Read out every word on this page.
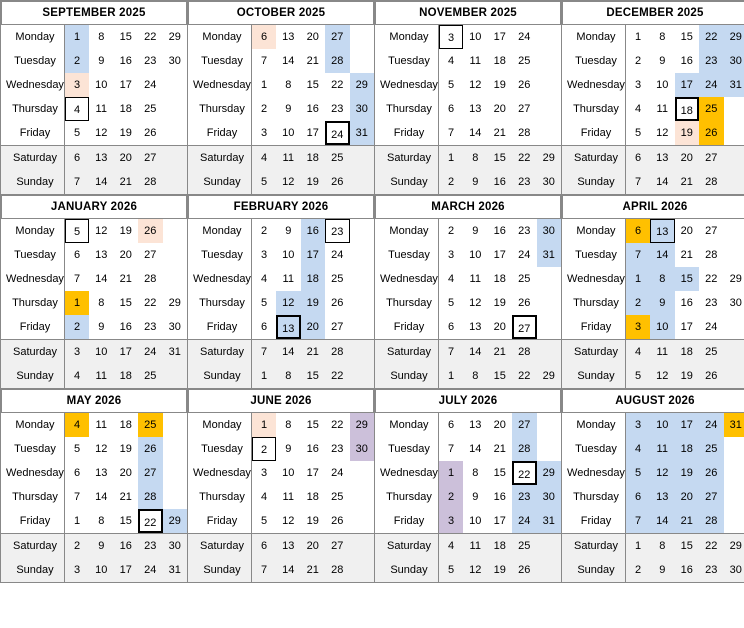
SEPTEMBER 2025
Monday	1	8	15	22	29

Tuesday	2	9	16	23	30

Wednesday	3	10	17	24

Thursday	4	11	18	25

Friday	5	12	19	26

Saturday	6	13	20	27

Sunday	7	14	21	28

OCTOBER 2025
Monday	6	13	20	27

Tuesday	7	14	21	28

Wednesday	1	8	15	22	29

Thursday	2	9	16	23	30

Friday	3	10	17	24	31

Saturday	4	11	18	25

Sunday	5	12	19	26

NOVEMBER 2025
Monday	3	10	17	24

Tuesday	4	11	18	25

Wednesday	5	12	19	26

Thursday	6	13	20	27

Friday	7	14	21	28

Saturday	1	8	15	22	29

Sunday	2	9	16	23	30

DECEMBER 2025
Monday	1	8	15	22	29

Tuesday	2	9	16	23	30

Wednesday	3	10	17	24	31

Thursday	4	11	18	25

Friday	5	12	19	26

Saturday	6	13	20	27

Sunday	7	14	21	28

JANUARY 2026
Monday	5	12	19	26

Tuesday	6	13	20	27

Wednesday	7	14	21	28

Thursday	1	8	15	22	29

Friday	2	9	16	23	30

Saturday	3	10	17	24	31

Sunday	4	11	18	25

FEBRUARY 2026
Monday	2	9	16	23

Tuesday	3	10	17	24

Wednesday	4	11	18	25

Thursday	5	12	19	26

Friday	6	13	20	27

Saturday	7	14	21	28

Sunday	1	8	15	22

MARCH 2026
Monday	2	9	16	23	30

Tuesday	3	10	17	24	31

Wednesday	4	11	18	25

Thursday	5	12	19	26

Friday	6	13	20	27

Saturday	7	14	21	28

Sunday	1	8	15	22	29

APRIL 2026
Monday	6	13	20	27

Tuesday	7	14	21	28

Wednesday	1	8	15	22	29

Thursday	2	9	16	23	30

Friday	3	10	17	24

Saturday	4	11	18	25

Sunday	5	12	19	26

MAY 2026
Monday	4	11	18	25

Tuesday	5	12	19	26

Wednesday	6	13	20	27

Thursday	7	14	21	28

Friday	1	8	15	22	29

Saturday	2	9	16	23	30

Sunday	3	10	17	24	31

JUNE 2026
Monday	1	8	15	22	29

Tuesday	2	9	16	23	30

Wednesday	3	10	17	24

Thursday	4	11	18	25

Friday	5	12	19	26

Saturday	6	13	20	27

Sunday	7	14	21	28

JULY 2026
Monday	6	13	20	27

Tuesday	7	14	21	28

Wednesday	1	8	15	22	29

Thursday	2	9	16	23	30

Friday	3	10	17	24	31

Saturday	4	11	18	25

Sunday	5	12	19	26

AUGUST 2026
Monday	3	10	17	24	31

Tuesday	4	11	18	25

Wednesday	5	12	19	26

Thursday	6	13	20	27

Friday	7	14	21	28

Saturday	1	8	15	22	29

Sunday	2	9	16	23	30
